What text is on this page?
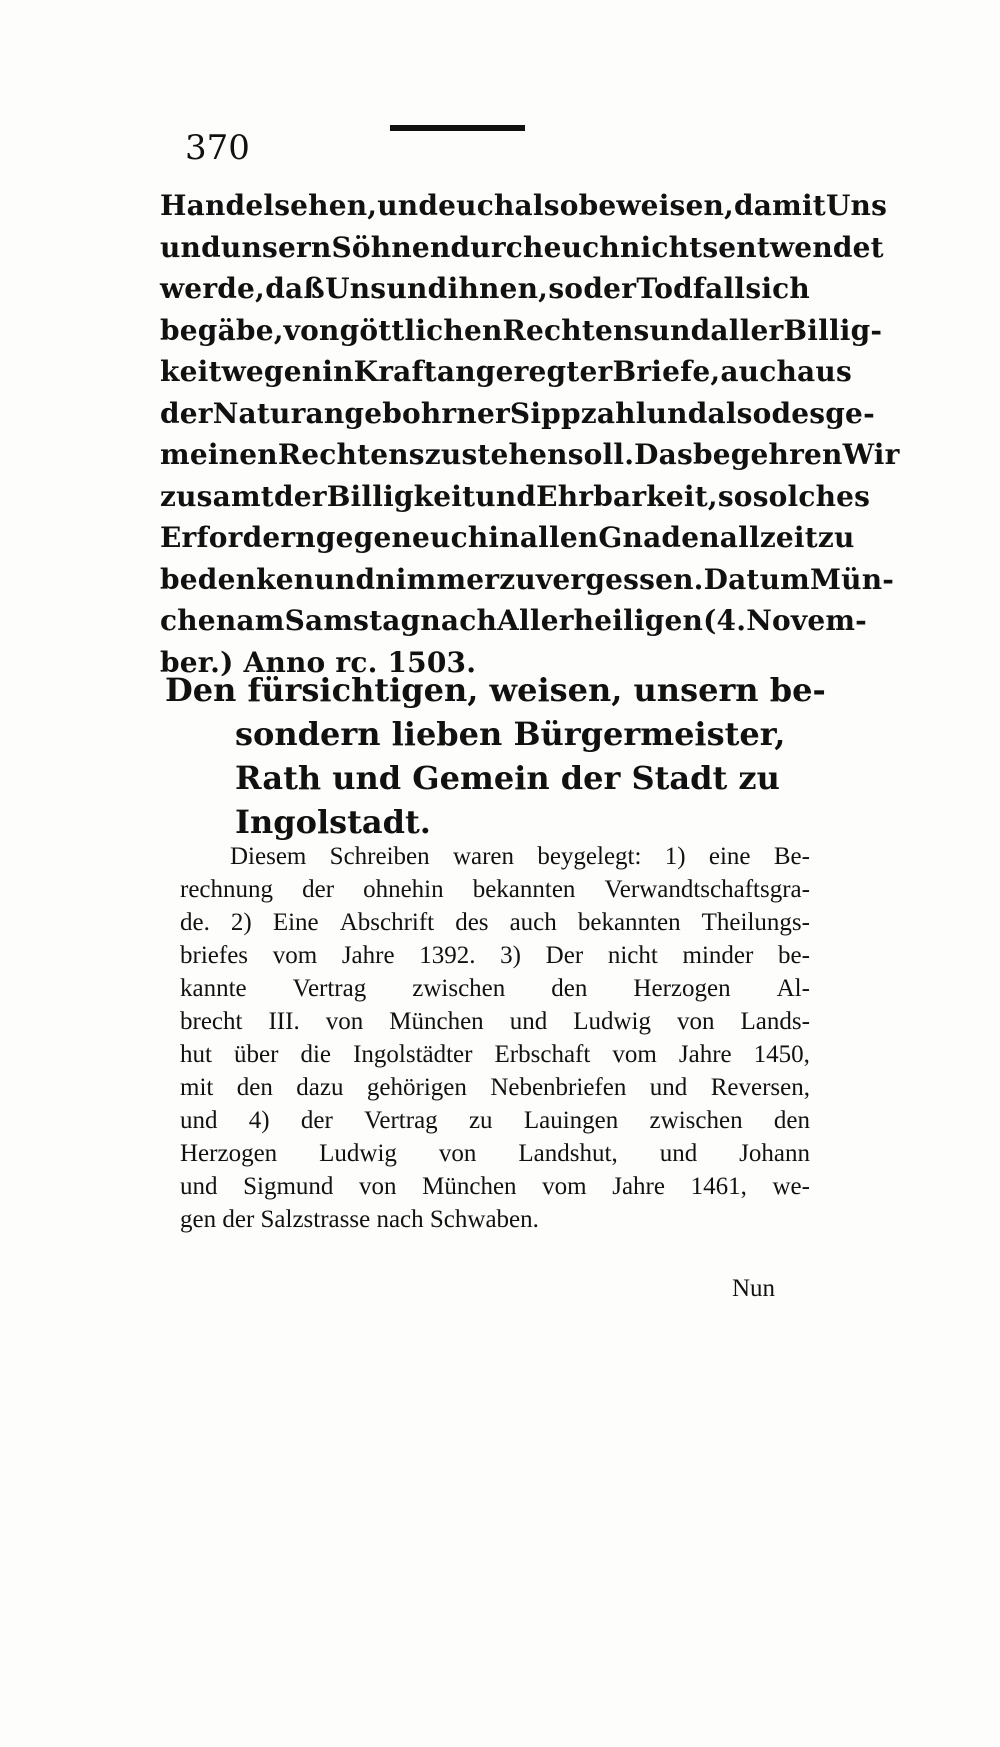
370
Handel sehen, und euch also beweisen, damit Uns
und unsern Söhnen durch euch nichts entwendet
werde, daß Uns und ihnen, so der Todfall sich
begäbe, von göttlichen Rechtens und aller Billig-
keit wegen in Kraft angeregter Briefe, auch aus
der Natur angebohrner Sippzahl und also des ge-
meinen Rechtens zustehen soll. Das begehren Wir
zusamt der Billigkeit und Ehrbarkeit, so solches
Erfordern gegen euch in allen Gnaden allzeit zu
bedenken und nimmer zu vergessen. Datum Mün-
chen am Samstag nach Allerheiligen (4. Novem-
ber.) Anno rc. 1503.
Den fürsichtigen, weisen, unsern be-
sondern lieben Bürgermeister,
Rath und Gemein der Stadt zu
Ingolstadt.
Diesem Schreiben waren beygelegt: 1) eine Be-
rechnung der ohnehin bekannten Verwandtschaftsgra-
de. 2) Eine Abschrift des auch bekannten Theilungs-
briefes vom Jahre 1392. 3) Der nicht minder be-
kannte Vertrag zwischen den Herzogen Al-
brecht III. von München und Ludwig von Lands-
hut über die Ingolstädter Erbschaft vom Jahre 1450,
mit den dazu gehörigen Nebenbriefen und Reversen,
und 4) der Vertrag zu Lauingen zwischen den
Herzogen Ludwig von Landshut, und Johann
und Sigmund von München vom Jahre 1461, we-
gen der Salzstrasse nach Schwaben.
Nun
